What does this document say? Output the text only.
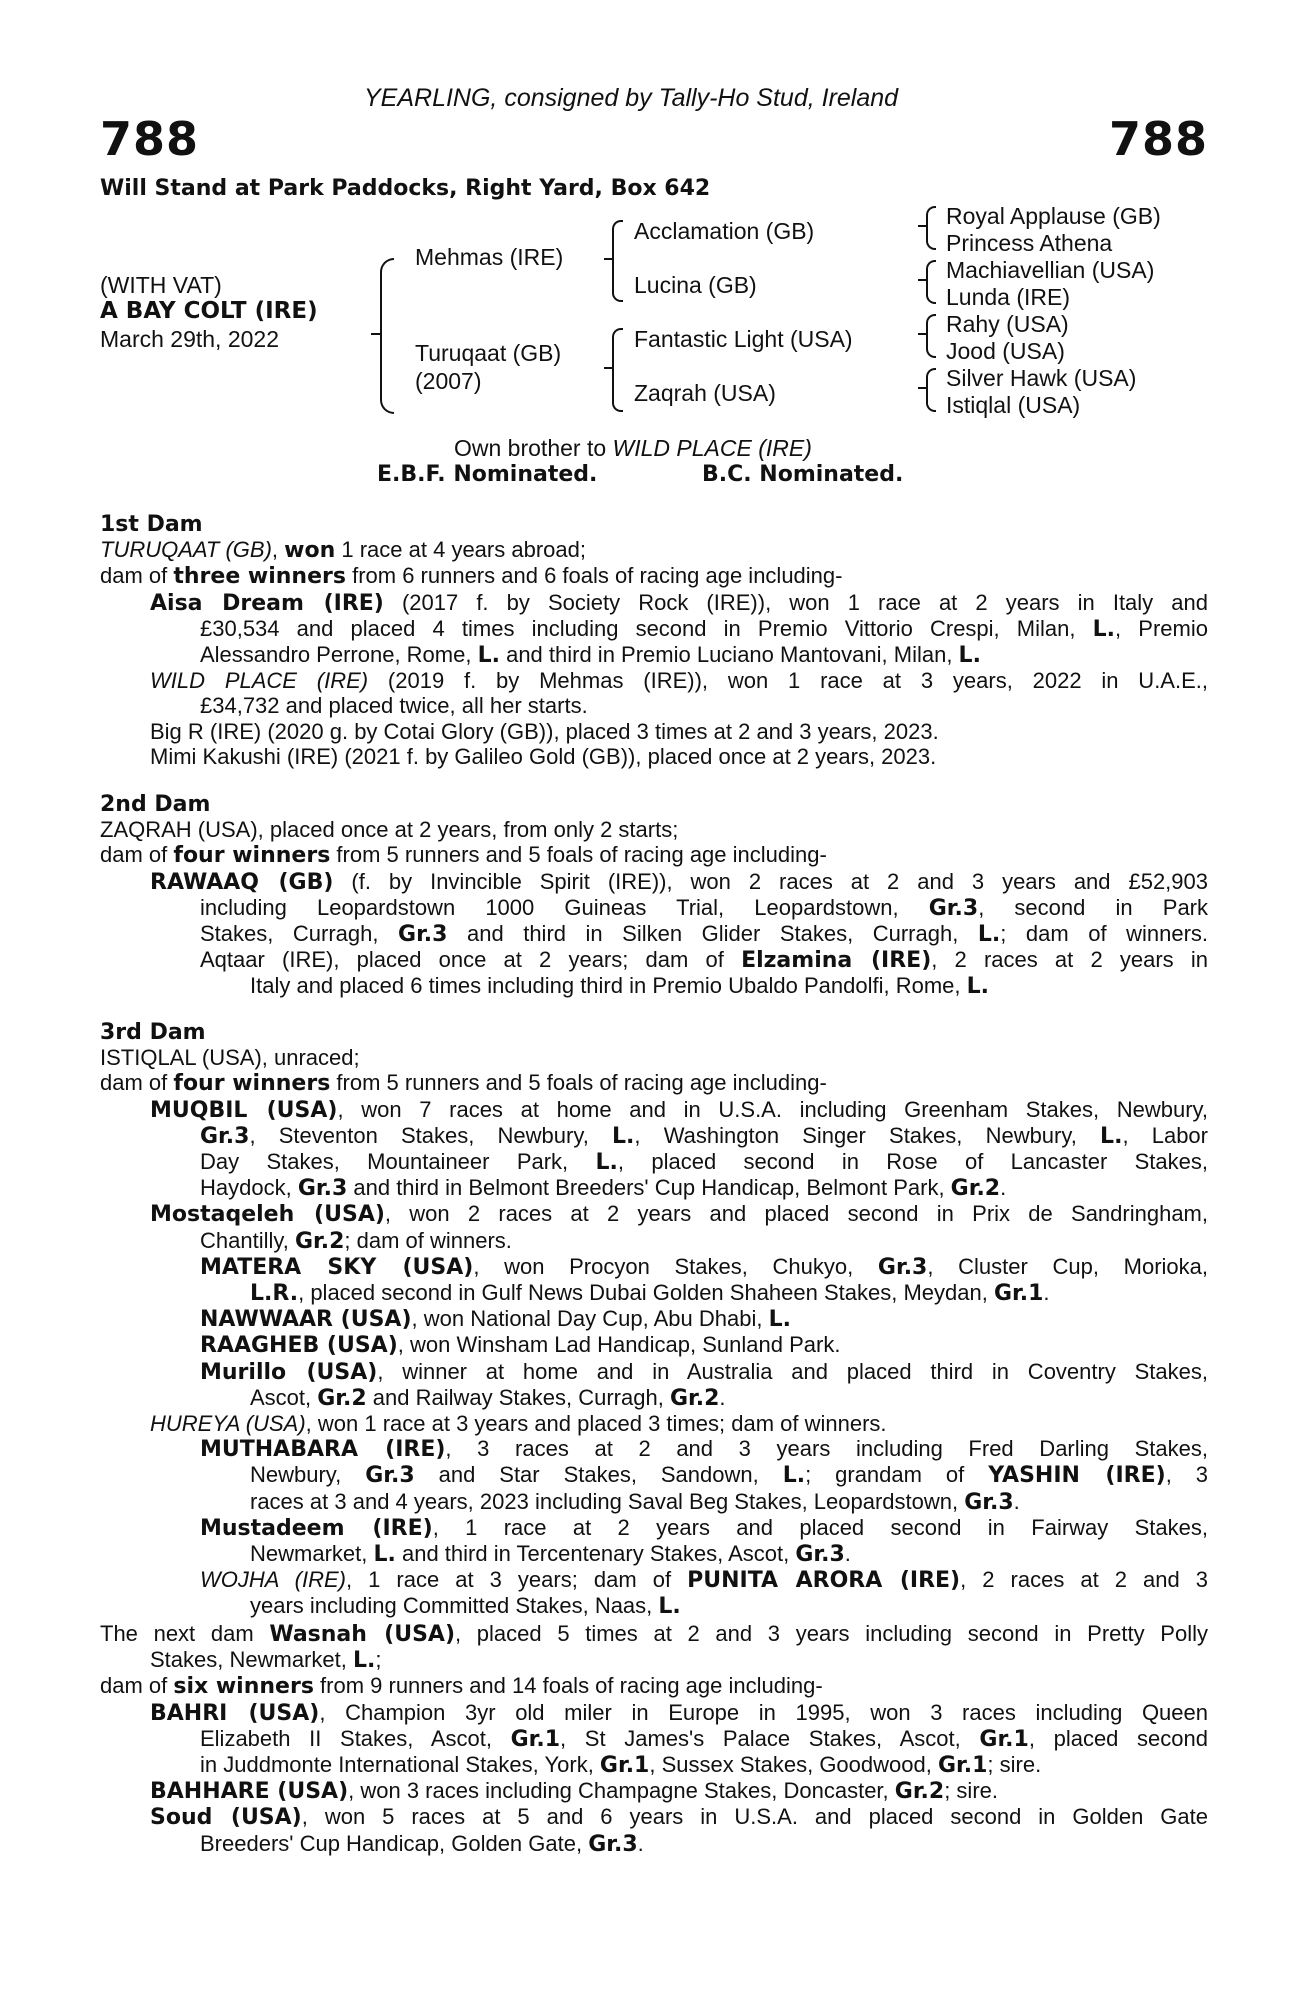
YEARLING, consigned by Tally-Ho Stud, Ireland
788	788
Will Stand at Park Paddocks, Right Yard, Box 642
(WITH VAT)
A BAY COLT (IRE)
March 29th, 2022
Mehmas (IRE)
Turuqaat (GB)
(2007)
Acclamation (GB)
Lucina (GB)
Fantastic Light (USA)
Zaqrah (USA)
Royal Applause (GB)
Princess Athena
Machiavellian (USA)
Lunda (IRE)
Rahy (USA)
Jood (USA)
Silver Hawk (USA)
Istiqlal (USA)
Own brother to WILD PLACE (IRE)
E.B.F. Nominated.	B.C. Nominated.
1st Dam
TURUQAAT (GB), won 1 race at 4 years abroad;
dam of three winners from 6 runners and 6 foals of racing age including-
Aisa Dream (IRE) (2017 f. by Society Rock (IRE)), won 1 race at 2 years in Italy and
£30,534 and placed 4 times including second in Premio Vittorio Crespi, Milan, L., Premio
Alessandro Perrone, Rome, L. and third in Premio Luciano Mantovani, Milan, L.
WILD PLACE (IRE) (2019 f. by Mehmas (IRE)), won 1 race at 3 years, 2022 in U.A.E.,
£34,732 and placed twice, all her starts.
Big R (IRE) (2020 g. by Cotai Glory (GB)), placed 3 times at 2 and 3 years, 2023.
Mimi Kakushi (IRE) (2021 f. by Galileo Gold (GB)), placed once at 2 years, 2023.
2nd Dam
ZAQRAH (USA), placed once at 2 years, from only 2 starts;
dam of four winners from 5 runners and 5 foals of racing age including-
RAWAAQ (GB) (f. by Invincible Spirit (IRE)), won 2 races at 2 and 3 years and £52,903
including Leopardstown 1000 Guineas Trial, Leopardstown, Gr.3, second in Park
Stakes, Curragh, Gr.3 and third in Silken Glider Stakes, Curragh, L.; dam of winners.
Aqtaar (IRE), placed once at 2 years; dam of Elzamina (IRE), 2 races at 2 years in
Italy and placed 6 times including third in Premio Ubaldo Pandolfi, Rome, L.
3rd Dam
ISTIQLAL (USA), unraced;
dam of four winners from 5 runners and 5 foals of racing age including-
MUQBIL (USA), won 7 races at home and in U.S.A. including Greenham Stakes, Newbury,
Gr.3, Steventon Stakes, Newbury, L., Washington Singer Stakes, Newbury, L., Labor
Day Stakes, Mountaineer Park, L., placed second in Rose of Lancaster Stakes,
Haydock, Gr.3 and third in Belmont Breeders' Cup Handicap, Belmont Park, Gr.2.
Mostaqeleh (USA), won 2 races at 2 years and placed second in Prix de Sandringham,
Chantilly, Gr.2; dam of winners.
MATERA SKY (USA), won Procyon Stakes, Chukyo, Gr.3, Cluster Cup, Morioka,
L.R., placed second in Gulf News Dubai Golden Shaheen Stakes, Meydan, Gr.1.
NAWWAAR (USA), won National Day Cup, Abu Dhabi, L.
RAAGHEB (USA), won Winsham Lad Handicap, Sunland Park.
Murillo (USA), winner at home and in Australia and placed third in Coventry Stakes,
Ascot, Gr.2 and Railway Stakes, Curragh, Gr.2.
HUREYA (USA), won 1 race at 3 years and placed 3 times; dam of winners.
MUTHABARA (IRE), 3 races at 2 and 3 years including Fred Darling Stakes,
Newbury, Gr.3 and Star Stakes, Sandown, L.; grandam of YASHIN (IRE), 3
races at 3 and 4 years, 2023 including Saval Beg Stakes, Leopardstown, Gr.3.
Mustadeem (IRE), 1 race at 2 years and placed second in Fairway Stakes,
Newmarket, L. and third in Tercentenary Stakes, Ascot, Gr.3.
WOJHA (IRE), 1 race at 3 years; dam of PUNITA ARORA (IRE), 2 races at 2 and 3
years including Committed Stakes, Naas, L.
The next dam Wasnah (USA), placed 5 times at 2 and 3 years including second in Pretty Polly
Stakes, Newmarket, L.;
dam of six winners from 9 runners and 14 foals of racing age including-
BAHRI (USA), Champion 3yr old miler in Europe in 1995, won 3 races including Queen
Elizabeth II Stakes, Ascot, Gr.1, St James's Palace Stakes, Ascot, Gr.1, placed second
in Juddmonte International Stakes, York, Gr.1, Sussex Stakes, Goodwood, Gr.1; sire.
BAHHARE (USA), won 3 races including Champagne Stakes, Doncaster, Gr.2; sire.
Soud (USA), won 5 races at 5 and 6 years in U.S.A. and placed second in Golden Gate
Breeders' Cup Handicap, Golden Gate, Gr.3.
